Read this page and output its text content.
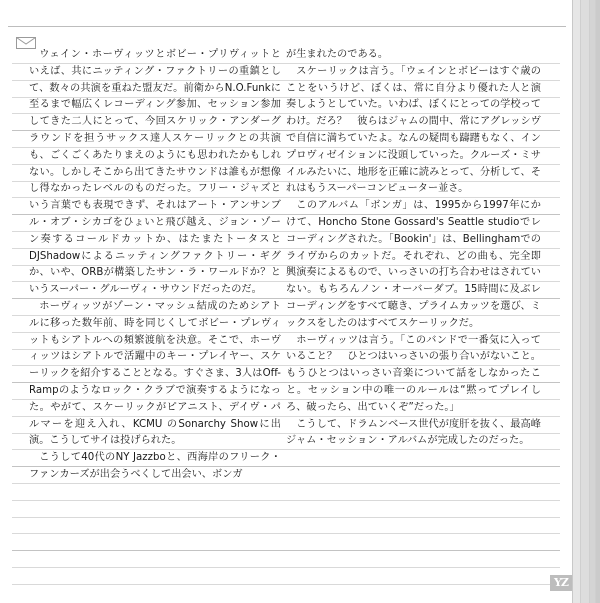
ウェイン・ホーヴィッツとボビー・プリヴィットといえば、共にニッティング・ファクトリーの重鎮として、数々の共演を重ねた盟友だ。前衛からN.O.Funkに至るまで幅広くレコーディング参加、セッション参加してきた二人にとって、今回スケリック・アンダーグラウンドを担うサックス達人スケーリックとの共演も、ごくごくあたりまえのようにも思われたかもしれない。しかしそこから出てきたサウンドは誰もが想像し得なかったレベルのものだった。フリー・ジャズという言葉でも表現できず、それはアート・アンサンブル・オブ・シカゴをひょいと飛び越え、ジョン・ゾーン奏するコールドカットか、はたまたトータスとDJShadowによるニッティングファクトリー・ギグか、いや、ORBが構築したサン・ラ・ワールドか？というスーパー・グルーヴィ・サウンドだったのだ。

ホーヴィッツがゾーン・マッシュ結成のためシアトルに移った数年前、時を同じくしてボビー・プレヴィットもシアトルへの頻繁渡航を決意。そこで、ホーヴィッツはシアトルで活躍中のキー・プレイヤー、スケーリックを紹介することとなる。すぐさま、3人はOff-Rampのようなロック・クラブで演奏するようになった。やがて、スケーリックがピアニスト、デイヴ・パルマーを迎え入れ、KCMU のSonarchy Showに出演。こうしてサイは投げられた。

こうして40代のNY Jazzboと、西海岸のフリーク・ファンカーズが出会うべくして出会い、ボンガ

が生まれたのである。

スケーリックは言う。「ウェインとボビーはすぐ歳のことをいうけど、ぼくは、常に自分より優れた人と演奏しようとしていた。いわば、ぼくにとっての学校ってわけ。だろ？　彼らはジャムの間中、常にアグレッシヴで自信に満ちていたよ。なんの疑問も躊躇もなく、インプロヴィゼイションに没頭していった。クルーズ・ミサイルみたいに、地形を正確に読みとって、分析して、それはもうスーパーコンピューター並さ。

このアルバム「ボンガ」は、1995から1997年にかけて、Honcho Stone Gossard's Seattle studioでレコーディングされた。「Bookin'」は、Bellinghamでのライヴからのカットだ。それぞれ、どの曲も、完全即興演奏によるもので、いっさいの打ち合わせはされていない。もちろんノン・オーバーダブ。15時間に及ぶレコーディングをすべて聴き、プライムカッツを選び、ミックスをしたのはすべてスケーリックだ。

ホーヴィッツは言う。「このバンドで一番気に入っていること？　ひとつはいっさいの張り合いがないこと。もうひとつはいっさい音楽について話をしなかったこと。セッション中の唯一のルールは“黙ってプレイしろ、破ったら、出ていくぞ”だった。」

こうして、ドラムンベース世代が度肝を抜く、最高峰ジャム・セッション・アルバムが完成したのだった。

YZ
